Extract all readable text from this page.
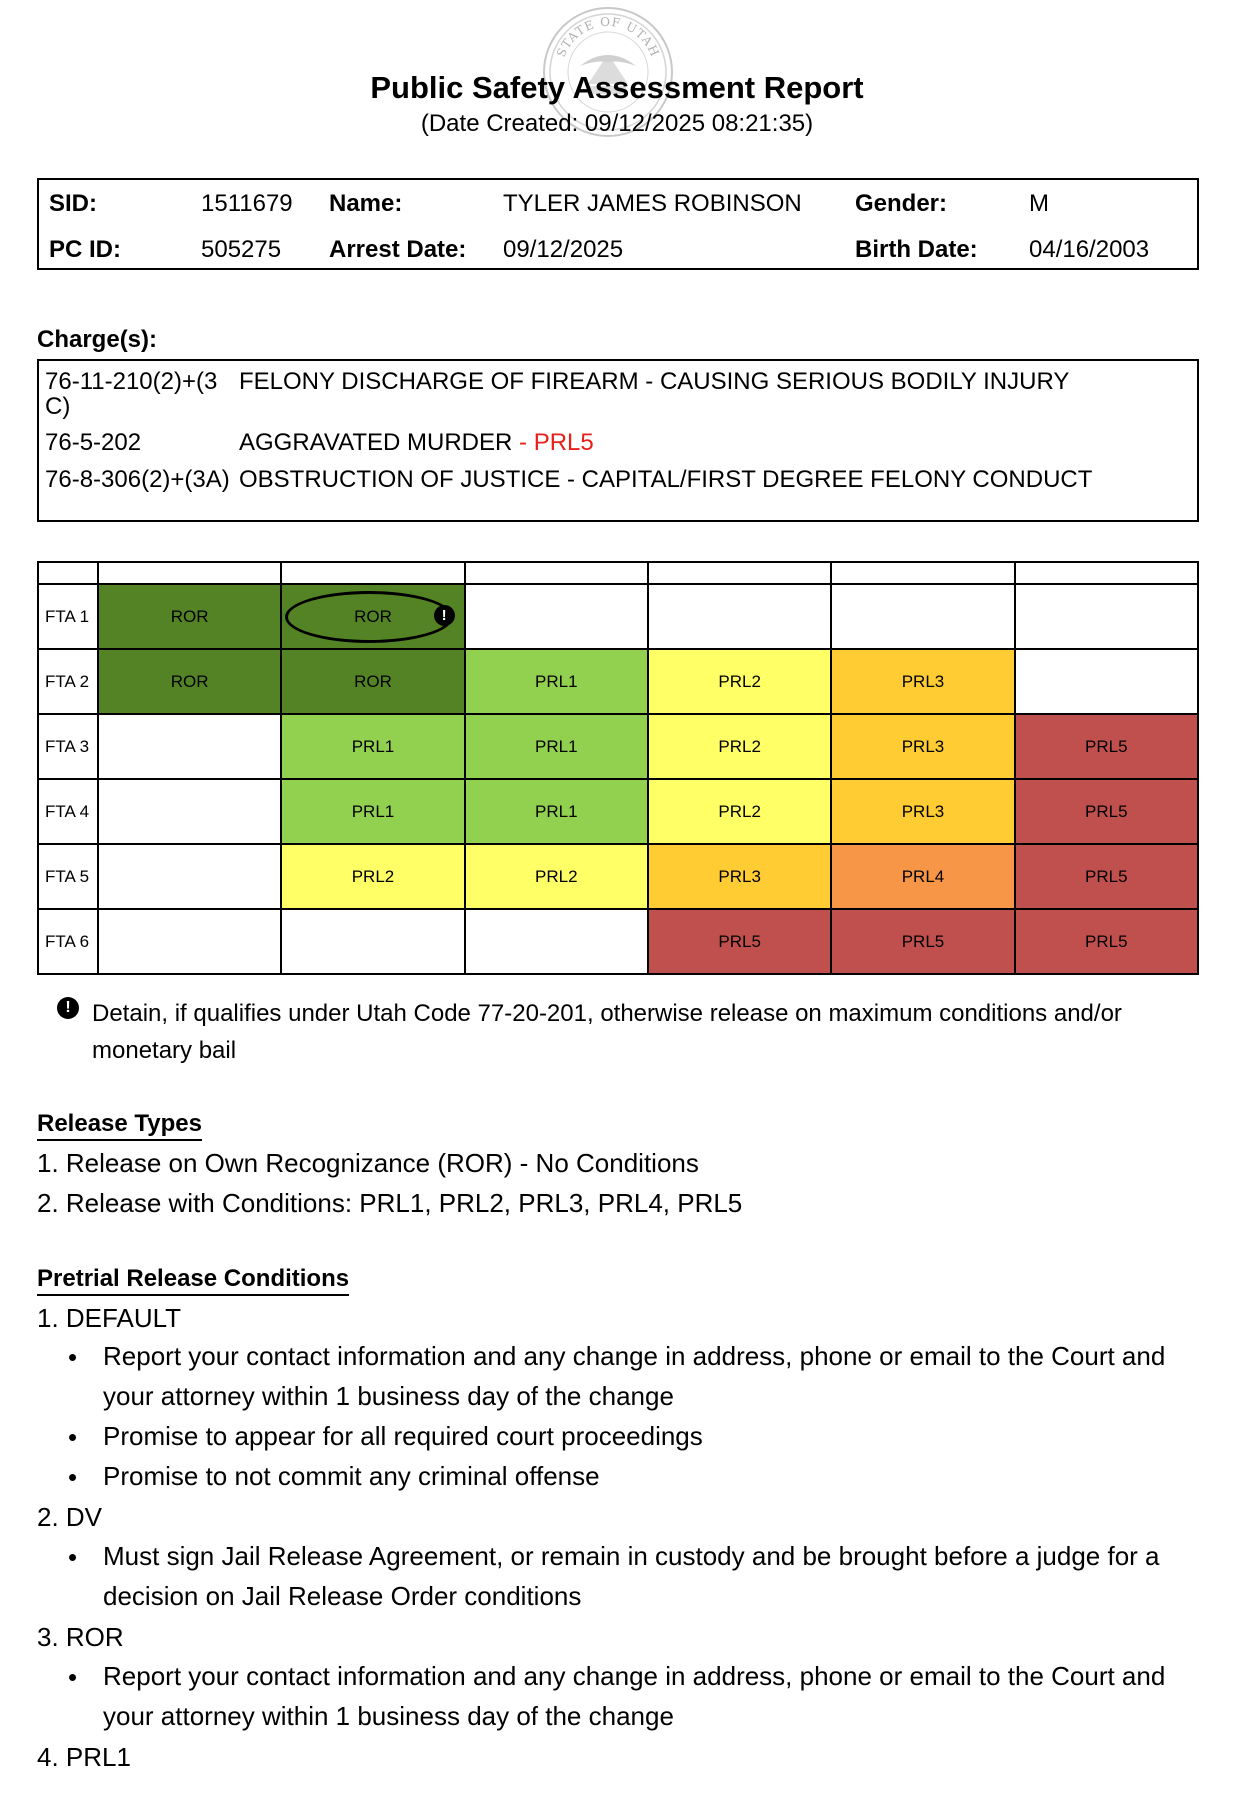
STATE OF UTAH
Public Safety Assessment Report
(Date Created: 09/12/2025 08:21:35)
SID:	1511679 Name:	TYLER JAMES ROBINSON Gender:	M
PC ID:	505275 Arrest Date: 09/12/2025	Birth Date: 04/16/2003
Charge(s):
76-11-210(2)+(3C)
FELONY DISCHARGE OF FIREARM - CAUSING SERIOUS BODILY INJURY
76-5-202	AGGRAVATED MURDER - PRL5
76-8-306(2)+(3A) OBSTRUCTION OF JUSTICE - CAPITAL/FIRST DEGREE FELONY CONDUCT

FTA 1	ROR	ROR !				

FTA 2	ROR	ROR	PRL1	PRL2	PRL3	
FTA 3		PRL1	PRL1	PRL2	PRL3	PRL5
FTA 4		PRL1	PRL1	PRL2	PRL3	PRL5
FTA 5		PRL2	PRL2	PRL3	PRL4	PRL5
FTA 6				PRL5	PRL5	PRL5
! Detain, if qualifies under Utah Code 77-20-201, otherwise release on maximum conditions and/or monetary bail
Release Types
1. Release on Own Recognizance (ROR) - No Conditions
2. Release with Conditions: PRL1, PRL2, PRL3, PRL4, PRL5
Pretrial Release Conditions
1. DEFAULT
• Report your contact information and any change in address, phone or email to the Court and your attorney within 1 business day of the change
• Promise to appear for all required court proceedings
• Promise to not commit any criminal offense
2. DV
• Must sign Jail Release Agreement, or remain in custody and be brought before a judge for a decision on Jail Release Order conditions
3. ROR
• Report your contact information and any change in address, phone or email to the Court and your attorney within 1 business day of the change
4. PRL1
